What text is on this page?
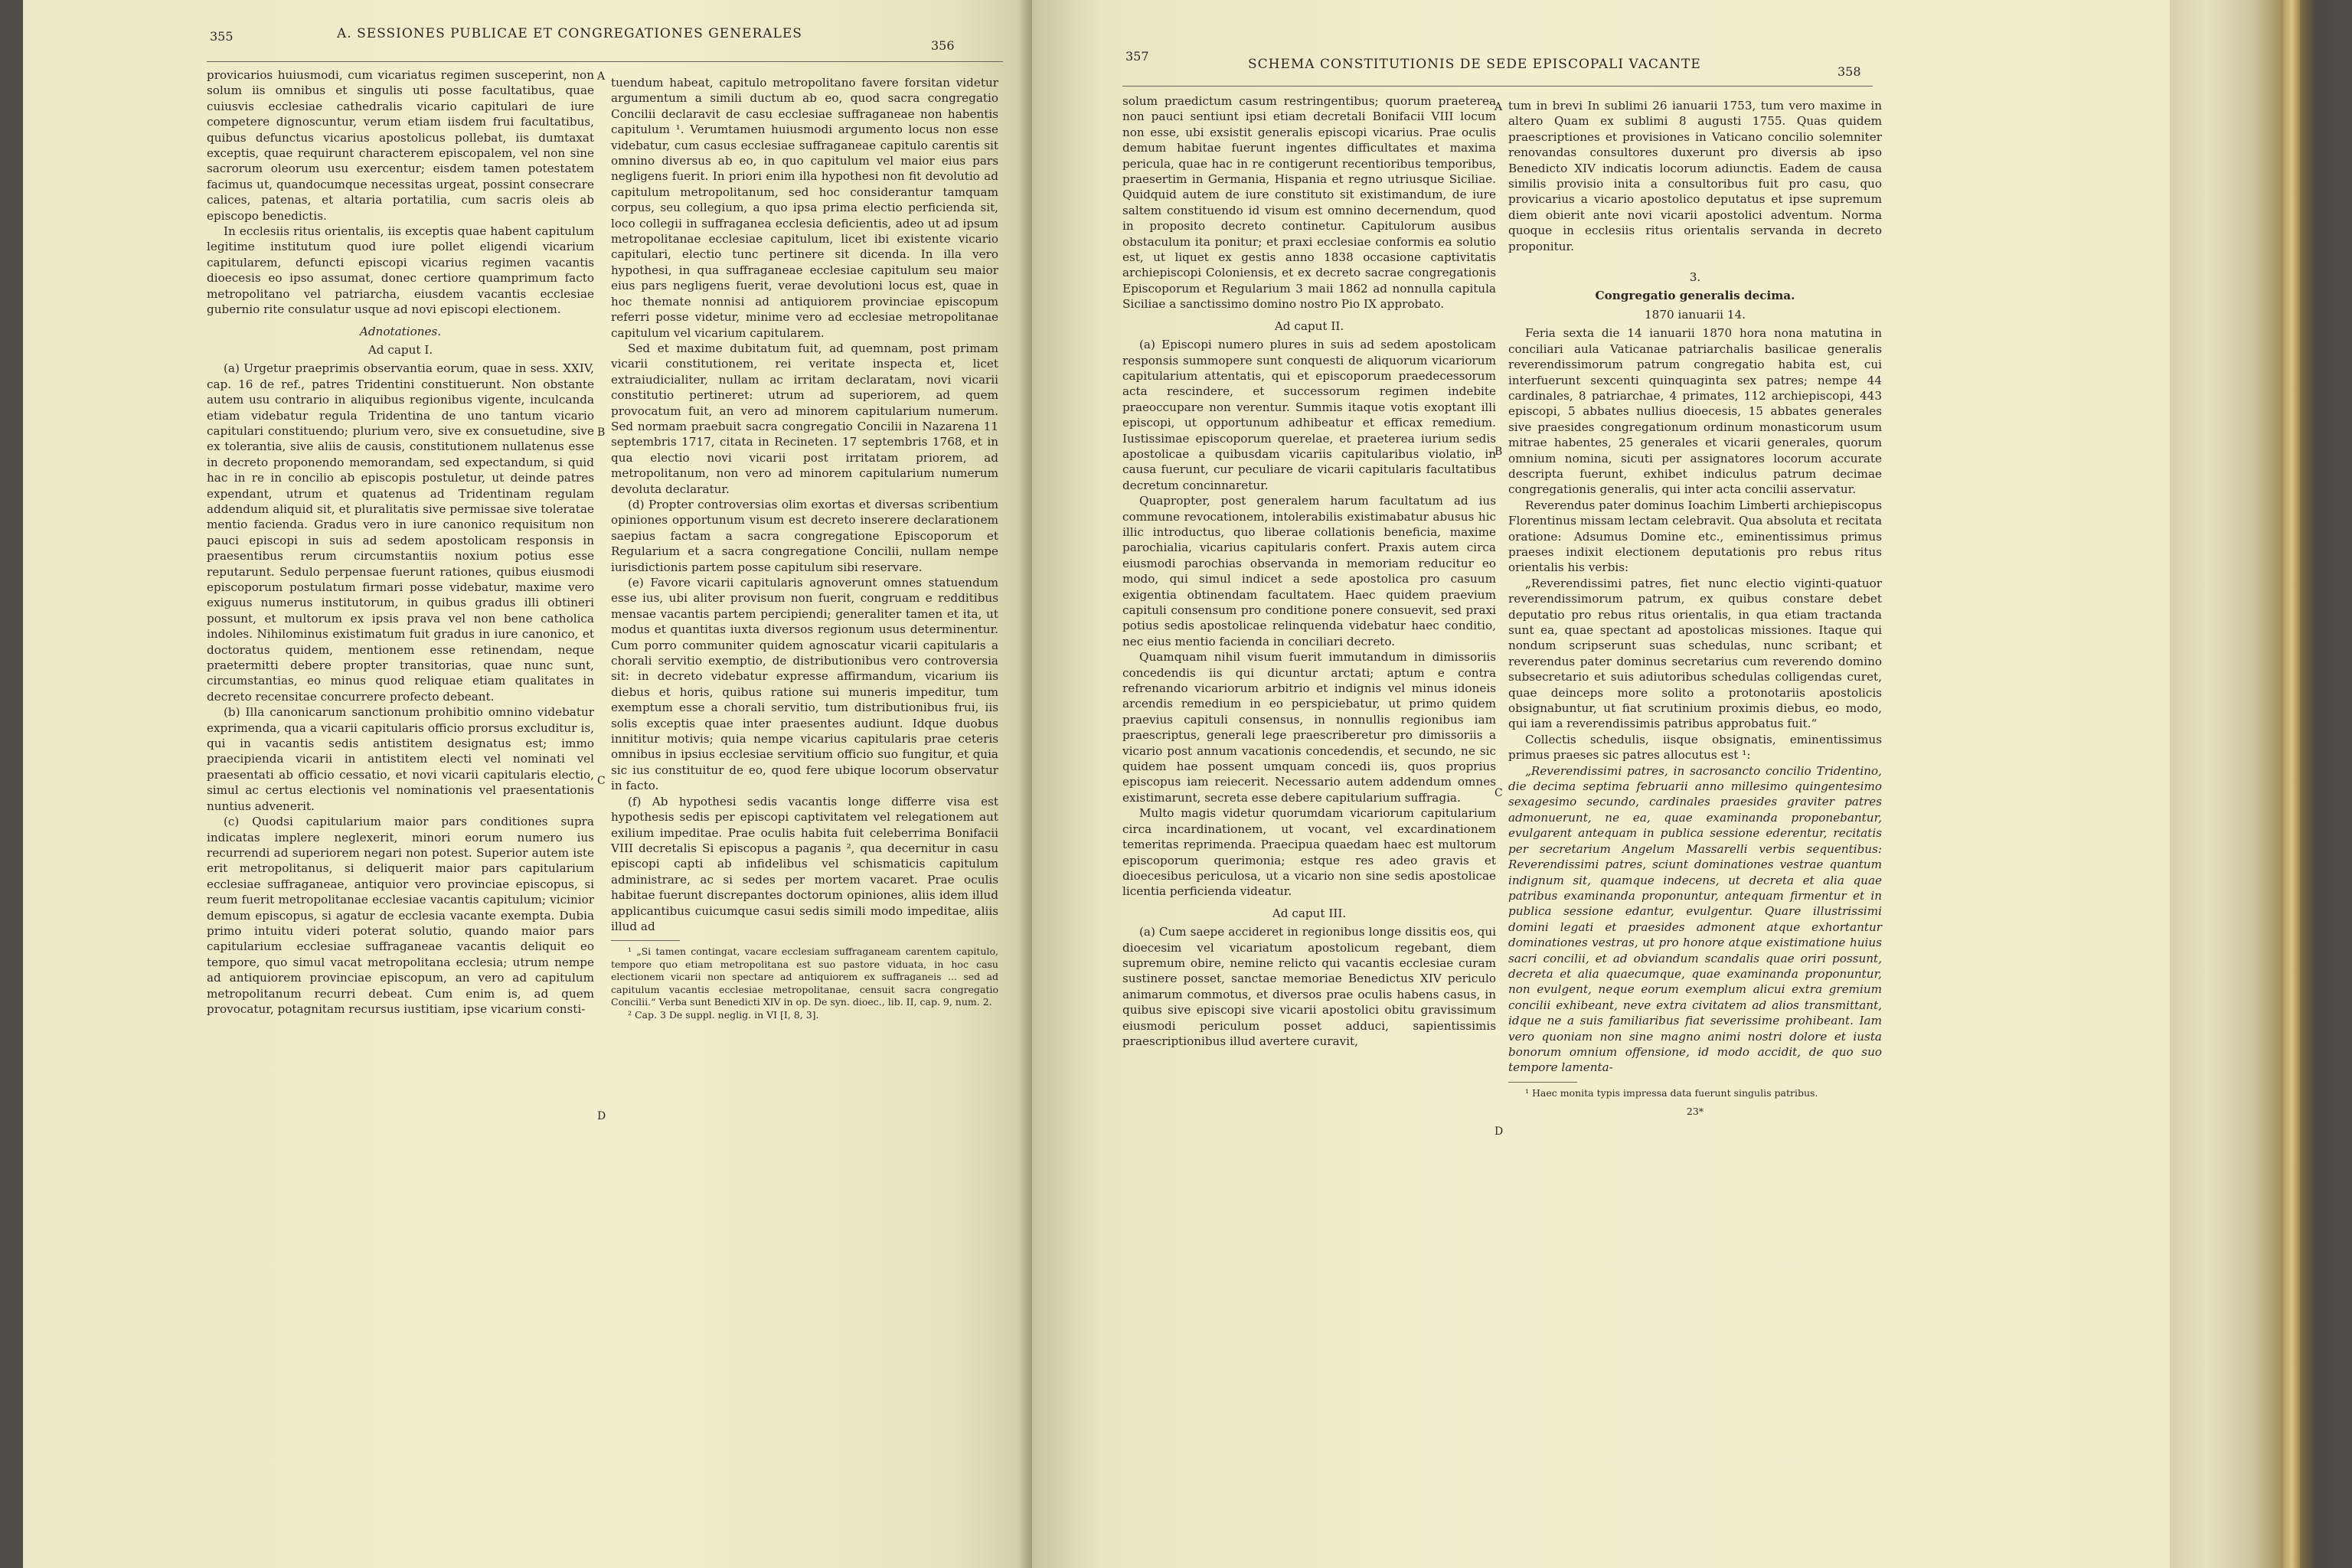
355	A. SESSIONES PUBLICAE ET CONGREGATIONES GENERALES
356

provicarios huiusmodi, cum vicariatus regimen susceperint, non solum iis omnibus et singulis uti posse facultatibus, quae cuiusvis ecclesiae cathedralis vicario capitulari de iure competere dignoscuntur, verum etiam iisdem frui facultatibus, quibus defunctus vicarius apostolicus pollebat, iis dumtaxat exceptis, quae requirunt characterem episcopalem, vel non sine sacrorum oleorum usu exercentur; eisdem tamen potestatem facimus ut, quandocumque necessitas urgeat, possint consecrare calices, patenas, et altaria portatilia, cum sacris oleis ab episcopo benedictis.

In ecclesiis ritus orientalis, iis exceptis quae habent capitulum legitime institutum quod iure pollet eligendi vicarium capitularem, defuncti episcopi vicarius regimen vacantis dioecesis eo ipso assumat, donec certiore quamprimum facto metropolitano vel patriarcha, eiusdem vacantis ecclesiae gubernio rite consulatur usque ad novi episcopi electionem.

Adnotationes.
Ad caput I.

(a) Urgetur praeprimis observantia eorum, quae in sess. XXIV, cap. 16 de ref., patres Tridentini constituerunt. Non obstante autem usu contrario in aliquibus regionibus vigente, inculcanda etiam videbatur regula Tridentina de uno tantum vicario capitulari constituendo; plurium vero, sive ex consuetudine, sive ex tolerantia, sive aliis de causis, constitutionem nullatenus esse in decreto proponendo memorandam, sed expectandum, si quid hac in re in concilio ab episcopis postuletur, ut deinde patres expendant, utrum et quatenus ad Tridentinam regulam addendum aliquid sit, et pluralitatis sive permissae sive toleratae mentio facienda. Gradus vero in iure canonico requisitum non pauci episcopi in suis ad sedem apostolicam responsis in praesentibus rerum circumstantiis noxium potius esse reputarunt. Sedulo perpensae fuerunt rationes, quibus eiusmodi episcoporum postulatum firmari posse videbatur, maxime vero exiguus numerus institutorum, in quibus gradus illi obtineri possunt, et multorum ex ipsis prava vel non bene catholica indoles. Nihilominus existimatum fuit gradus in iure canonico, et doctoratus quidem, mentionem esse retinendam, neque praetermitti debere propter transitorias, quae nunc sunt, circumstantias, eo minus quod reliquae etiam qualitates in decreto recensitae concurrere profecto debeant.

(b) Illa canonicarum sanctionum prohibitio omnino videbatur exprimenda, qua a vicarii capitularis officio prorsus excluditur is, qui in vacantis sedis antistitem designatus est; immo praecipienda vicarii in antistitem electi vel nominati vel praesentati ab officio cessatio, et novi vicarii capitularis electio, simul ac certus electionis vel nominationis vel praesentationis nuntius advenerit.

(c) Quodsi capitularium maior pars conditiones supra indicatas implere neglexerit, minori eorum numero ius recurrendi ad superiorem negari non potest. Superior autem iste erit metropolitanus, si deliquerit maior pars capitularium ecclesiae suffraganeae, antiquior vero provinciae episcopus, si reum fuerit metropolitanae ecclesiae vacantis capitulum; vicinior demum episcopus, si agatur de ecclesia vacante exempta. Dubia primo intuitu videri poterat solutio, quando maior pars capitularium ecclesiae suffraganeae vacantis deliquit eo tempore, quo simul vacat metropolitana ecclesia; utrum nempe ad antiquiorem provinciae episcopum, an vero ad capitulum metropolitanum recurri debeat. Cum enim is, ad quem provocatur, potagnitam recursus iustitiam, ipse vicarium consti-

A
B
C
D

tuendum habeat, capitulo metropolitano favere forsitan videtur argumentum a simili ductum ab eo, quod sacra congregatio Concilii declaravit de casu ecclesiae suffraganeae non habentis capitulum ¹. Verumtamen huiusmodi argumento locus non esse videbatur, cum casus ecclesiae suffraganeae capitulo carentis sit omnino diversus ab eo, in quo capitulum vel maior eius pars negligens fuerit. In priori enim illa hypothesi non fit devolutio ad capitulum metropolitanum, sed hoc considerantur tamquam corpus, seu collegium, a quo ipsa prima electio perficienda sit, loco collegii in suffraganea ecclesia deficientis, adeo ut ad ipsum metropolitanae ecclesiae capitulum, licet ibi existente vicario capitulari, electio tunc pertinere sit dicenda. In illa vero hypothesi, in qua suffraganeae ecclesiae capitulum seu maior eius pars negligens fuerit, verae devolutioni locus est, quae in hoc themate nonnisi ad antiquiorem provinciae episcopum referri posse videtur, minime vero ad ecclesiae metropolitanae capitulum vel vicarium capitularem.

Sed et maxime dubitatum fuit, ad quemnam, post primam vicarii constitutionem, rei veritate inspecta et, licet extraiudicialiter, nullam ac irritam declaratam, novi vicarii constitutio pertineret: utrum ad superiorem, ad quem provocatum fuit, an vero ad minorem capitularium numerum. Sed normam praebuit sacra congregatio Concilii in Nazarena 11 septembris 1717, citata in Recineten. 17 septembris 1768, et in qua electio novi vicarii post irritatam priorem, ad metropolitanum, non vero ad minorem capitularium numerum devoluta declaratur.

(d) Propter controversias olim exortas et diversas scribentium opiniones opportunum visum est decreto inserere declarationem saepius factam a sacra congregatione Episcoporum et Regularium et a sacra congregatione Concilii, nullam nempe iurisdictionis partem posse capitulum sibi reservare.

(e) Favore vicarii capitularis agnoverunt omnes statuendum esse ius, ubi aliter provisum non fuerit, congruam e redditibus mensae vacantis partem percipiendi; generaliter tamen et ita, ut modus et quantitas iuxta diversos regionum usus determinentur. Cum porro communiter quidem agnoscatur vicarii capitularis a chorali servitio exemptio, de distributionibus vero controversia sit: in decreto videbatur expresse affirmandum, vicarium iis diebus et horis, quibus ratione sui muneris impeditur, tum exemptum esse a chorali servitio, tum distributionibus frui, iis solis exceptis quae inter praesentes audiunt. Idque duobus innititur motivis; quia nempe vicarius capitularis prae ceteris omnibus in ipsius ecclesiae servitium officio suo fungitur, et quia sic ius constituitur de eo, quod fere ubique locorum observatur in facto.

(f) Ab hypothesi sedis vacantis longe differre visa est hypothesis sedis per episcopi captivitatem vel relegationem aut exilium impeditae. Prae oculis habita fuit celeberrima Bonifacii VIII decretalis Si episcopus a paganis ², qua decernitur in casu episcopi capti ab infidelibus vel schismaticis capitulum administrare, ac si sedes per mortem vacaret. Prae oculis habitae fuerunt discrepantes doctorum opiniones, aliis idem illud applicantibus cuicumque casui sedis simili modo impeditae, aliis illud ad

¹ „Si tamen contingat, vacare ecclesiam suffraganeam carentem capitulo, tempore quo etiam metropolitana est suo pastore viduata, in hoc casu electionem vicarii non spectare ad antiquiorem ex suffraganeis ... sed ad capitulum vacantis ecclesiae metropolitanae, censuit sacra congregatio Concilii.“ Verba sunt Benedicti XIV in op. De syn. dioec., lib. II, cap. 9, num. 2.

² Cap. 3 De suppl. neglig. in VI [I, 8, 3].

357
SCHEMA CONSTITUTIONIS DE SEDE EPISCOPALI VACANTE	358

solum praedictum casum restringentibus; quorum praeterea non pauci sentiunt ipsi etiam decretali Bonifacii VIII locum non esse, ubi exsistit generalis episcopi vicarius. Prae oculis demum habitae fuerunt ingentes difficultates et maxima pericula, quae hac in re contigerunt recentioribus temporibus, praesertim in Germania, Hispania et regno utriusque Siciliae. Quidquid autem de iure constituto sit existimandum, de iure saltem constituendo id visum est omnino decernendum, quod in proposito decreto continetur. Capitulorum ausibus obstaculum ita ponitur; et praxi ecclesiae conformis ea solutio est, ut liquet ex gestis anno 1838 occasione captivitatis archiepiscopi Coloniensis, et ex decreto sacrae congregationis Episcoporum et Regularium 3 maii 1862 ad nonnulla capitula Siciliae a sanctissimo domino nostro Pio IX approbato.

Ad caput II.

(a) Episcopi numero plures in suis ad sedem apostolicam responsis summopere sunt conquesti de aliquorum vicariorum capitularium attentatis, qui et episcoporum praedecessorum acta rescindere, et successorum regimen indebite praeoccupare non verentur. Summis itaque votis exoptant illi episcopi, ut opportunum adhibeatur et efficax remedium. Iustissimae episcoporum querelae, et praeterea iurium sedis apostolicae a quibusdam vicariis capitularibus violatio, in causa fuerunt, cur peculiare de vicarii capitularis facultatibus decretum concinnaretur.

Quapropter, post generalem harum facultatum ad ius commune revocationem, intolerabilis existimabatur abusus hic illic introductus, quo liberae collationis beneficia, maxime parochialia, vicarius capitularis confert. Praxis autem circa eiusmodi parochias observanda in memoriam reducitur eo modo, qui simul indicet a sede apostolica pro casuum exigentia obtinendam facultatem. Haec quidem praevium capituli consensum pro conditione ponere consuevit, sed praxi potius sedis apostolicae relinquenda videbatur haec conditio, nec eius mentio facienda in conciliari decreto.

Quamquam nihil visum fuerit immutandum in dimissoriis concedendis iis qui dicuntur arctati; aptum e contra refrenando vicariorum arbitrio et indignis vel minus idoneis arcendis remedium in eo perspiciebatur, ut primo quidem praevius capituli consensus, in nonnullis regionibus iam praescriptus, generali lege praescriberetur pro dimissoriis a vicario post annum vacationis concedendis, et secundo, ne sic quidem hae possent umquam concedi iis, quos proprius episcopus iam reiecerit. Necessario autem addendum omnes existimarunt, secreta esse debere capitularium suffragia.

Multo magis videtur quorumdam vicariorum capitularium circa incardinationem, ut vocant, vel excardinationem temeritas reprimenda. Praecipua quaedam haec est multorum episcoporum querimonia; estque res adeo gravis et dioecesibus periculosa, ut a vicario non sine sedis apostolicae licentia perficienda videatur.

Ad caput III.

(a) Cum saepe accideret in regionibus longe dissitis eos, qui dioecesim vel vicariatum apostolicum regebant, diem supremum obire, nemine relicto qui vacantis ecclesiae curam sustinere posset, sanctae memoriae Benedictus XIV periculo animarum commotus, et diversos prae oculis habens casus, in quibus sive episcopi sive vicarii apostolici obitu gravissimum eiusmodi periculum posset adduci, sapientissimis praescriptionibus illud avertere curavit,

A
B
C
D

tum in brevi In sublimi 26 ianuarii 1753, tum vero maxime in altero Quam ex sublimi 8 augusti 1755. Quas quidem praescriptiones et provisiones in Vaticano concilio solemniter renovandas consultores duxerunt pro diversis ab ipso Benedicto XIV indicatis locorum adiunctis. Eadem de causa similis provisio inita a consultoribus fuit pro casu, quo provicarius a vicario apostolico deputatus et ipse supremum diem obierit ante novi vicarii apostolici adventum. Norma quoque in ecclesiis ritus orientalis servanda in decreto proponitur.

3.
Congregatio generalis decima.
1870 ianuarii 14.

Feria sexta die 14 ianuarii 1870 hora nona matutina in conciliari aula Vaticanae patriarchalis basilicae generalis reverendissimorum patrum congregatio habita est, cui interfuerunt sexcenti quinquaginta sex patres; nempe 44 cardinales, 8 patriarchae, 4 primates, 112 archiepiscopi, 443 episcopi, 5 abbates nullius dioecesis, 15 abbates generales sive praesides congregationum ordinum monasticorum usum mitrae habentes, 25 generales et vicarii generales, quorum omnium nomina, sicuti per assignatores locorum accurate descripta fuerunt, exhibet indiculus patrum decimae congregationis generalis, qui inter acta concilii asservatur.

Reverendus pater dominus Ioachim Limberti archiepiscopus Florentinus missam lectam celebravit. Qua absoluta et recitata oratione: Adsumus Domine etc., eminentissimus primus praeses indixit electionem deputationis pro rebus ritus orientalis his verbis:

„Reverendissimi patres, fiet nunc electio viginti-quatuor reverendissimorum patrum, ex quibus constare debet deputatio pro rebus ritus orientalis, in qua etiam tractanda sunt ea, quae spectant ad apostolicas missiones. Itaque qui nondum scripserunt suas schedulas, nunc scribant; et reverendus pater dominus secretarius cum reverendo domino subsecretario et suis adiutoribus schedulas colligendas curet, quae deinceps more solito a protonotariis apostolicis obsignabuntur, ut fiat scrutinium proximis diebus, eo modo, qui iam a reverendissimis patribus approbatus fuit.“

Collectis schedulis, iisque obsignatis, eminentissimus primus praeses sic patres allocutus est ¹:

„Reverendissimi patres, in sacrosancto concilio Tridentino, die decima septima februarii anno millesimo quingentesimo sexagesimo secundo, cardinales praesides graviter patres admonuerunt, ne ea, quae examinanda proponebantur, evulgarent antequam in publica sessione ederentur, recitatis per secretarium Angelum Massarelli verbis sequentibus: Reverendissimi patres, sciunt dominationes vestrae quantum indignum sit, quamque indecens, ut decreta et alia quae patribus examinanda proponuntur, antequam firmentur et in publica sessione edantur, evulgentur. Quare illustrissimi domini legati et praesides admonent atque exhortantur dominationes vestras, ut pro honore atque existimatione huius sacri concilii, et ad obviandum scandalis quae oriri possunt, decreta et alia quaecumque, quae examinanda proponuntur, non evulgent, neque eorum exemplum alicui extra gremium concilii exhibeant, neve extra civitatem ad alios transmittant, idque ne a suis familiaribus fiat severissime prohibeant. Iam vero quoniam non sine magno animi nostri dolore et iusta bonorum omnium offensione, id modo accidit, de quo suo tempore lamenta-

¹ Haec monita typis impressa data fuerunt singulis patribus.

23*
